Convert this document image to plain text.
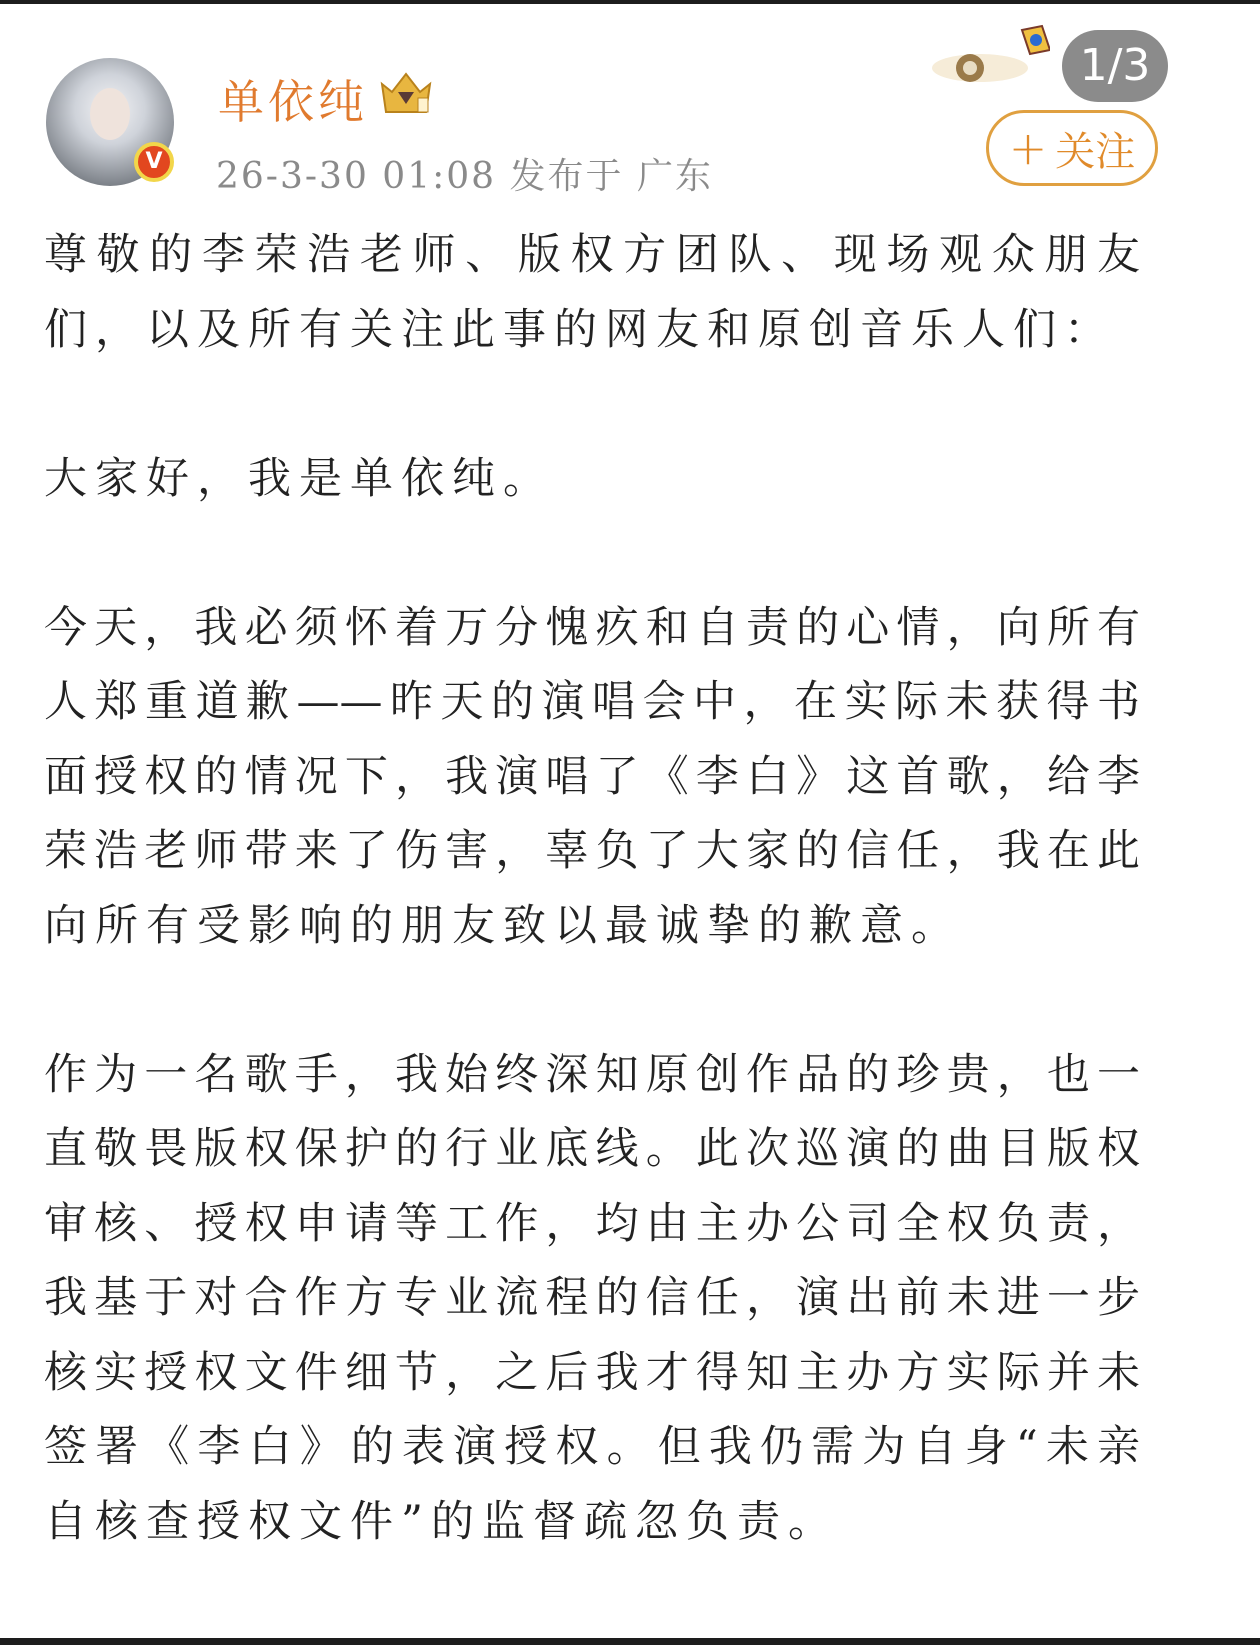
V
单依纯
26-3-30 01:08 发布于 广东
1/3
+ 关注
尊敬的李荣浩老师、版权方团队、现场观众朋友
们，以及所有关注此事的网友和原创音乐人们：
大家好，我是单依纯。
今天，我必须怀着万分愧疚和自责的心情，向所有
人郑重道歉——昨天的演唱会中，在实际未获得书
面授权的情况下，我演唱了《李白》这首歌，给李
荣浩老师带来了伤害，辜负了大家的信任，我在此
向所有受影响的朋友致以最诚挚的歉意。
作为一名歌手，我始终深知原创作品的珍贵，也一
直敬畏版权保护的行业底线。此次巡演的曲目版权
审核、授权申请等工作，均由主办公司全权负责，
我基于对合作方专业流程的信任，演出前未进一步
核实授权文件细节，之后我才得知主办方实际并未
签署《李白》的表演授权。但我仍需为自身“未亲
自核查授权文件”的监督疏忽负责。
